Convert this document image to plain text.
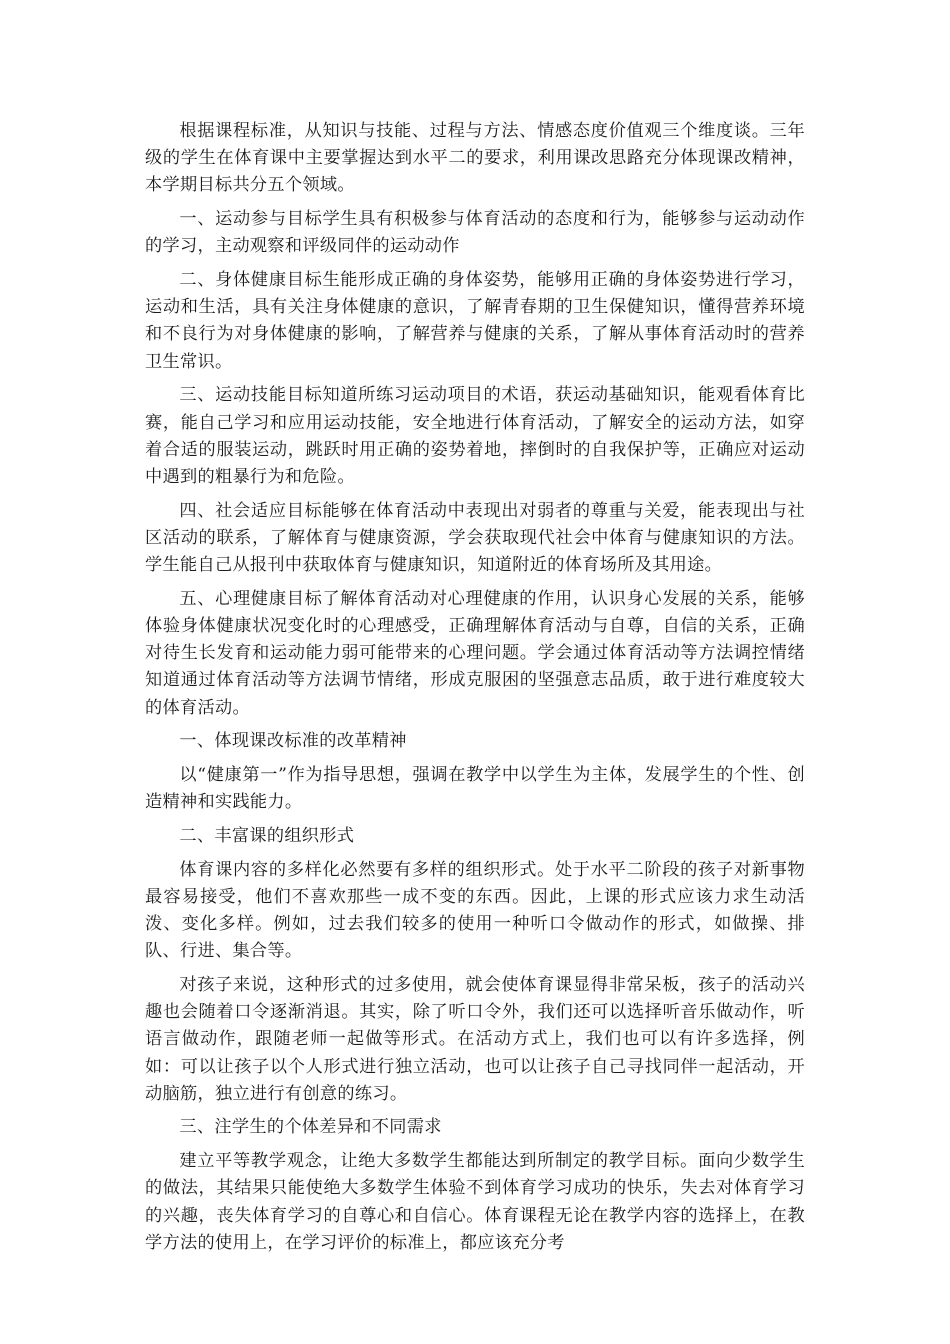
根据课程标准，从知识与技能、过程与方法、情感态度价值观三个维度谈。三年级的学生在体育课中主要掌握达到水平二的要求，利用课改思路充分体现课改精神，本学期目标共分五个领域。

一、运动参与目标学生具有积极参与体育活动的态度和行为，能够参与运动动作的学习，主动观察和评级同伴的运动动作

二、身体健康目标生能形成正确的身体姿势，能够用正确的身体姿势进行学习，运动和生活，具有关注身体健康的意识，了解青春期的卫生保健知识，懂得营养环境和不良行为对身体健康的影响，了解营养与健康的关系，了解从事体育活动时的营养卫生常识。

三、运动技能目标知道所练习运动项目的术语，获运动基础知识，能观看体育比赛，能自己学习和应用运动技能，安全地进行体育活动，了解安全的运动方法，如穿着合适的服装运动，跳跃时用正确的姿势着地，摔倒时的自我保护等，正确应对运动中遇到的粗暴行为和危险。

四、社会适应目标能够在体育活动中表现出对弱者的尊重与关爱，能表现出与社区活动的联系，了解体育与健康资源，学会获取现代社会中体育与健康知识的方法。学生能自己从报刊中获取体育与健康知识，知道附近的体育场所及其用途。

五、心理健康目标了解体育活动对心理健康的作用，认识身心发展的关系，能够体验身体健康状况变化时的心理感受，正确理解体育活动与自尊，自信的关系，正确对待生长发育和运动能力弱可能带来的心理问题。学会通过体育活动等方法调控情绪知道通过体育活动等方法调节情绪，形成克服困的坚强意志品质，敢于进行难度较大的体育活动。

一、体现课改标准的改革精神

以“健康第一”作为指导思想，强调在教学中以学生为主体，发展学生的个性、创造精神和实践能力。

二、丰富课的组织形式

体育课内容的多样化必然要有多样的组织形式。处于水平二阶段的孩子对新事物最容易接受，他们不喜欢那些一成不变的东西。因此，上课的形式应该力求生动活泼、变化多样。例如，过去我们较多的使用一种听口令做动作的形式，如做操、排队、行进、集合等。

对孩子来说，这种形式的过多使用，就会使体育课显得非常呆板，孩子的活动兴趣也会随着口令逐渐消退。其实，除了听口令外，我们还可以选择听音乐做动作，听语言做动作，跟随老师一起做等形式。在活动方式上，我们也可以有许多选择，例如：可以让孩子以个人形式进行独立活动，也可以让孩子自己寻找同伴一起活动，开动脑筋，独立进行有创意的练习。

三、注学生的个体差异和不同需求

建立平等教学观念，让绝大多数学生都能达到所制定的教学目标。面向少数学生的做法，其结果只能使绝大多数学生体验不到体育学习成功的快乐，失去对体育学习的兴趣，丧失体育学习的自尊心和自信心。体育课程无论在教学内容的选择上，在教学方法的使用上，在学习评价的标准上，都应该充分考
